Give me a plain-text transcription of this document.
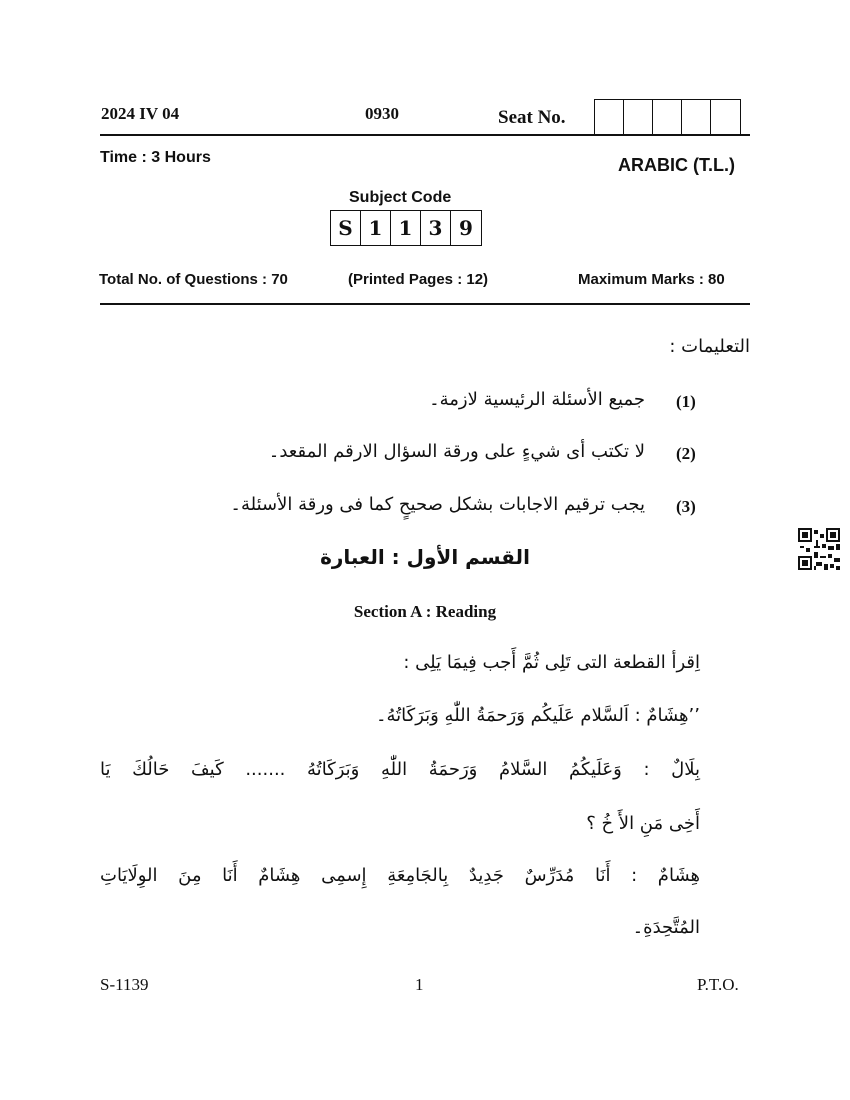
2024 IV 04	0930	Seat No.
Time : 3 Hours	ARABIC (T.L.)
Subject Code
S 1 1 3 9
Total No. of Questions : 70	(Printed Pages : 12)	Maximum Marks : 80
التعليمات :
(1)
جميع الأسئلة الرئيسية لازمة۔
(2)
لا تكتب أى شيءٍ على ورقة السؤال الارقم المقعد۔
(3)
يجب ترقيم الاجابات بشكل صحيحٍ كما فى ورقة الأسئلة۔
القسم الأول : العبارة
Section A : Reading
اِقرأ القطعة التى تَلِى ثُمَّ أَجب فِيمَا يَلِى :
’’هِشَامٌ : اَلسَّلام عَلَيكُم وَرَحمَةُ اللّٰهِ وَبَرَكَاتُهُ۔
بِلَالٌ : وَعَلَيكُمُ السَّلامُ وَرَحمَةُ اللّٰهِ وَبَرَكَاتُهُ ....... كَيفَ حَالُكَ يَا
أَخِى مَنِ الأَ خُ ؟
هِشَامٌ : أَنَا مُدَرِّسٌ جَدِيدٌ بِالجَامِعَةِ إِسمِى هِشَامٌ أَنَا مِنَ الوِلَايَاتِ
المُتَّحِدَةِ۔
S-1139	1	P.T.O.
